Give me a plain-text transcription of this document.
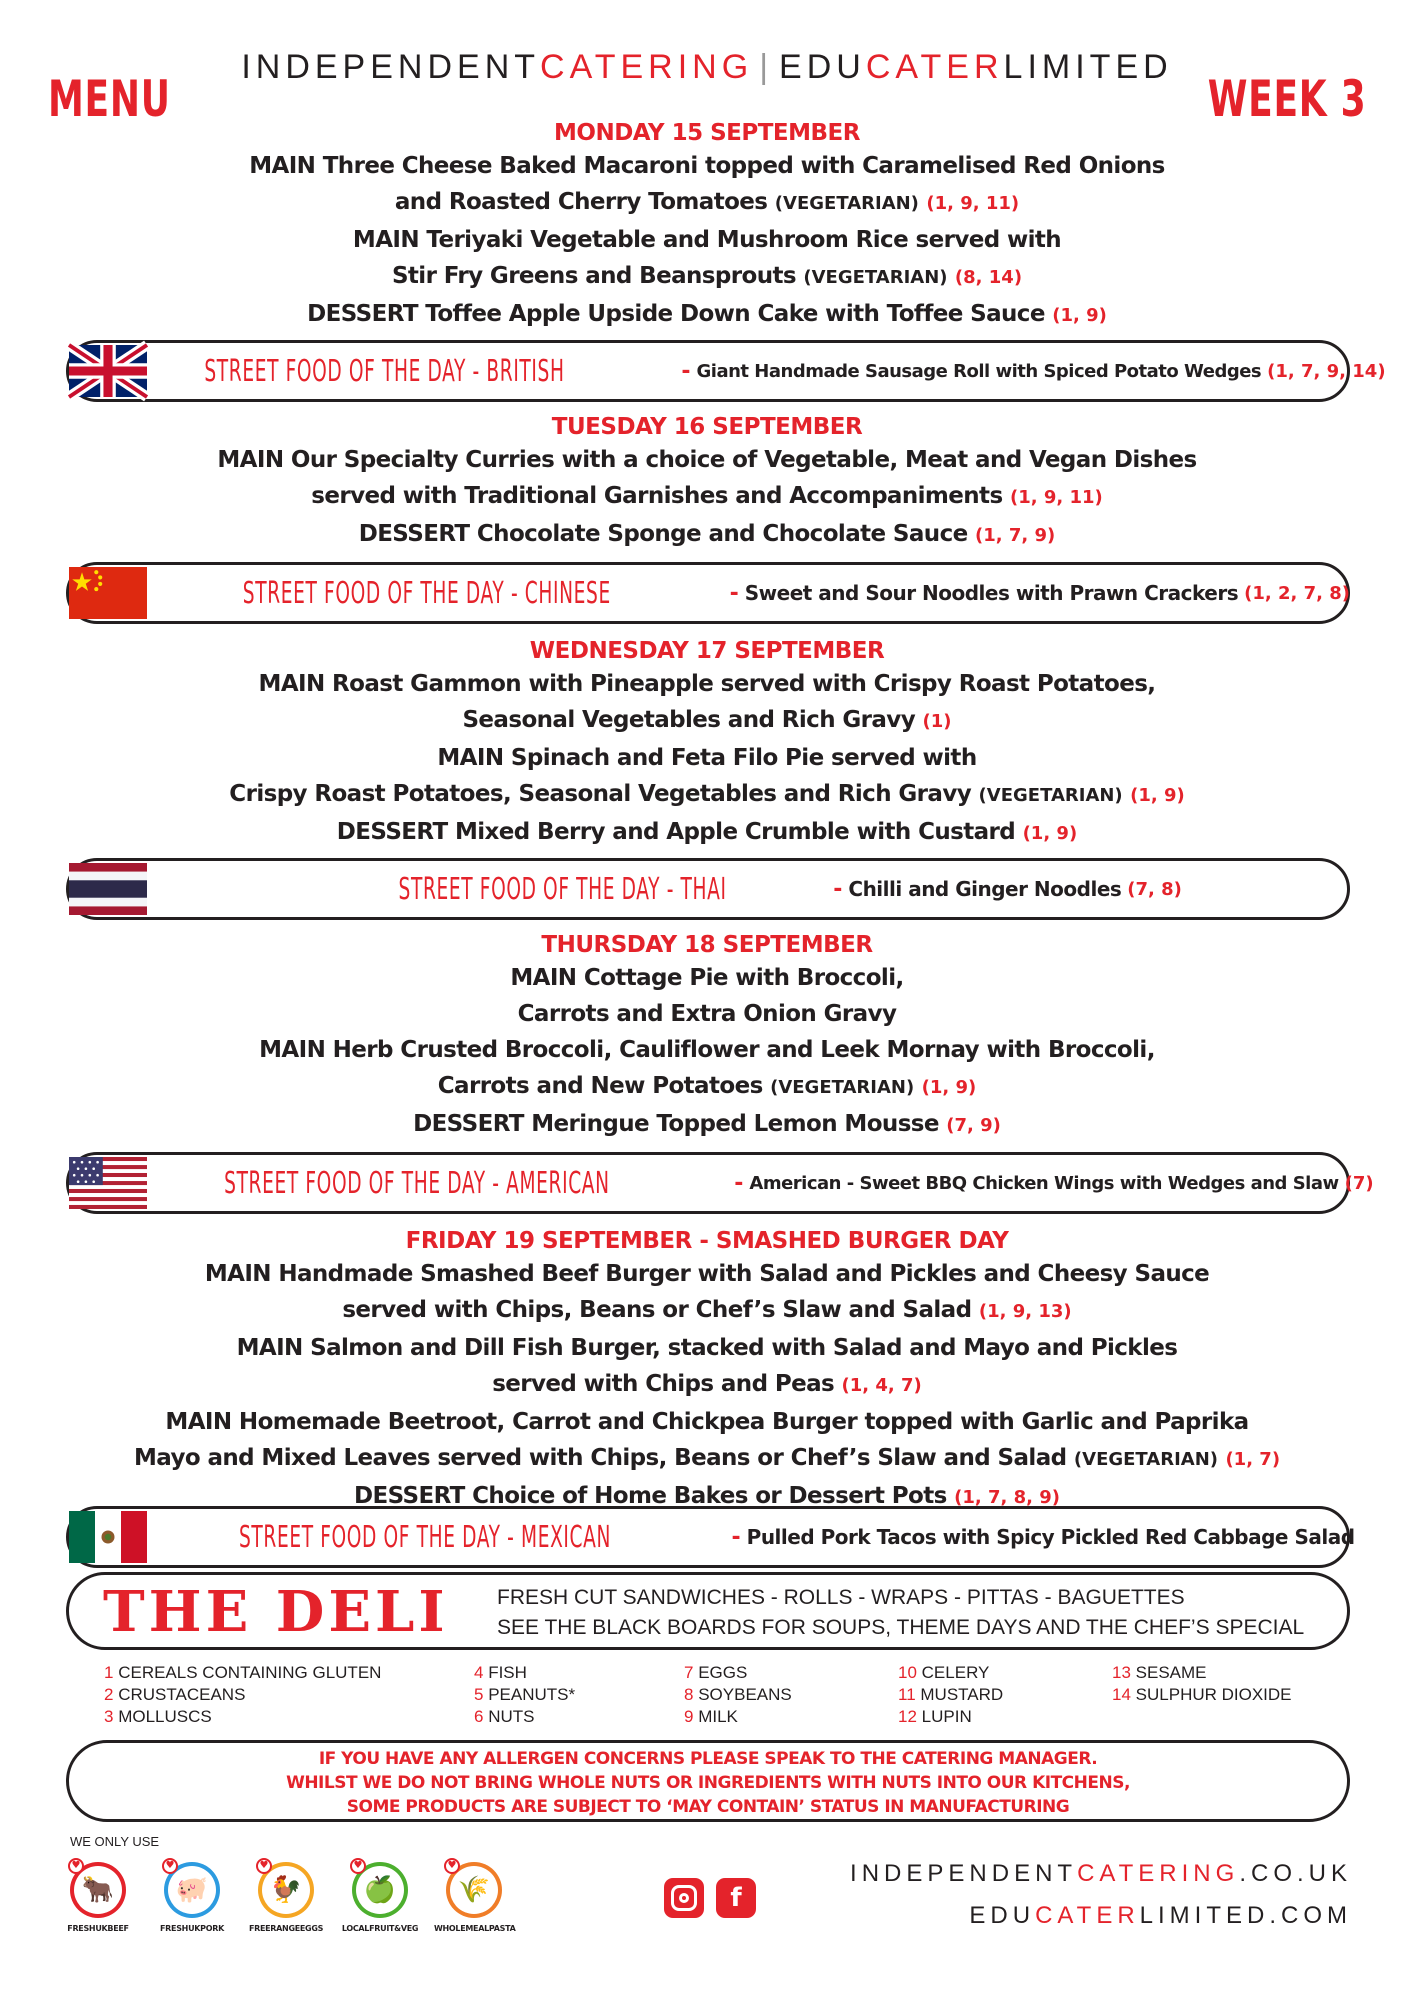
INDEPENDENTCATERING | EDUCATERLIMITED
MENU	WEEK 3
MONDAY 15 SEPTEMBER
MAIN Three Cheese Baked Macaroni topped with Caramelised Red Onions
and Roasted Cherry Tomatoes (VEGETARIAN) (1, 9, 11)
MAIN Teriyaki Vegetable and Mushroom Rice served with
Stir Fry Greens and Beansprouts (VEGETARIAN) (8, 14)
DESSERT Toffee Apple Upside Down Cake with Toffee Sauce (1, 9)
STREET FOOD OF THE DAY - BRITISH	- Giant Handmade Sausage Roll with Spiced Potato Wedges (1, 7, 9, 14)
TUESDAY 16 SEPTEMBER
MAIN Our Specialty Curries with a choice of Vegetable, Meat and Vegan Dishes
served with Traditional Garnishes and Accompaniments (1, 9, 11)
DESSERT Chocolate Sponge and Chocolate Sauce (1, 7, 9)
STREET FOOD OF THE DAY - CHINESE	- Sweet and Sour Noodles with Prawn Crackers (1, 2, 7, 8)
WEDNESDAY 17 SEPTEMBER
MAIN Roast Gammon with Pineapple served with Crispy Roast Potatoes,
Seasonal Vegetables and Rich Gravy (1)
MAIN Spinach and Feta Filo Pie served with
Crispy Roast Potatoes, Seasonal Vegetables and Rich Gravy (VEGETARIAN) (1, 9)
DESSERT Mixed Berry and Apple Crumble with Custard (1, 9)
STREET FOOD OF THE DAY - THAI	- Chilli and Ginger Noodles (7, 8)
THURSDAY 18 SEPTEMBER
MAIN Cottage Pie with Broccoli,
Carrots and Extra Onion Gravy
MAIN Herb Crusted Broccoli, Cauliflower and Leek Mornay with Broccoli,
Carrots and New Potatoes (VEGETARIAN) (1, 9)
DESSERT Meringue Topped Lemon Mousse (7, 9)
STREET FOOD OF THE DAY - AMERICAN	- American - Sweet BBQ Chicken Wings with Wedges and Slaw (7)
FRIDAY 19 SEPTEMBER - SMASHED BURGER DAY
MAIN Handmade Smashed Beef Burger with Salad and Pickles and Cheesy Sauce
served with Chips, Beans or Chef’s Slaw and Salad (1, 9, 13)
MAIN Salmon and Dill Fish Burger, stacked with Salad and Mayo and Pickles
served with Chips and Peas (1, 4, 7)
MAIN Homemade Beetroot, Carrot and Chickpea Burger topped with Garlic and Paprika
Mayo and Mixed Leaves served with Chips, Beans or Chef’s Slaw and Salad (VEGETARIAN) (1, 7)
DESSERT Choice of Home Bakes or Dessert Pots (1, 7, 8, 9)
STREET FOOD OF THE DAY - MEXICAN	- Pulled Pork Tacos with Spicy Pickled Red Cabbage Salad
THE DELI FRESH CUT SANDWICHES - ROLLS - WRAPS - PITTAS - BAGUETTES
SEE THE BLACK BOARDS FOR SOUPS, THEME DAYS AND THE CHEF’S SPECIAL
1 CEREALS CONTAINING GLUTEN
2 CRUSTACEANS
3 MOLLUSCS
4 FISH
5 PEANUTS*
6 NUTS
7 EGGS
8 SOYBEANS
9 MILK
10 CELERY
11 MUSTARD
12 LUPIN
13 SESAME
14 SULPHUR DIOXIDE
IF YOU HAVE ANY ALLERGEN CONCERNS PLEASE SPEAK TO THE CATERING MANAGER.
WHILST WE DO NOT BRING WHOLE NUTS OR INGREDIENTS WITH NUTS INTO OUR KITCHENS,
SOME PRODUCTS ARE SUBJECT TO ‘MAY CONTAIN’ STATUS IN MANUFACTURING
WE ONLY USE
🐂
♥
FRESHUKBEEF
🐖
♥
FRESHUKPORK
🐓
♥
FREERANGEEGGS
🍏
♥
LOCALFRUIT&VEG
🌾
♥
WHOLEMEALPASTA
f
INDEPENDENTCATERING.CO.UK
EDUCATERLIMITED.COM
